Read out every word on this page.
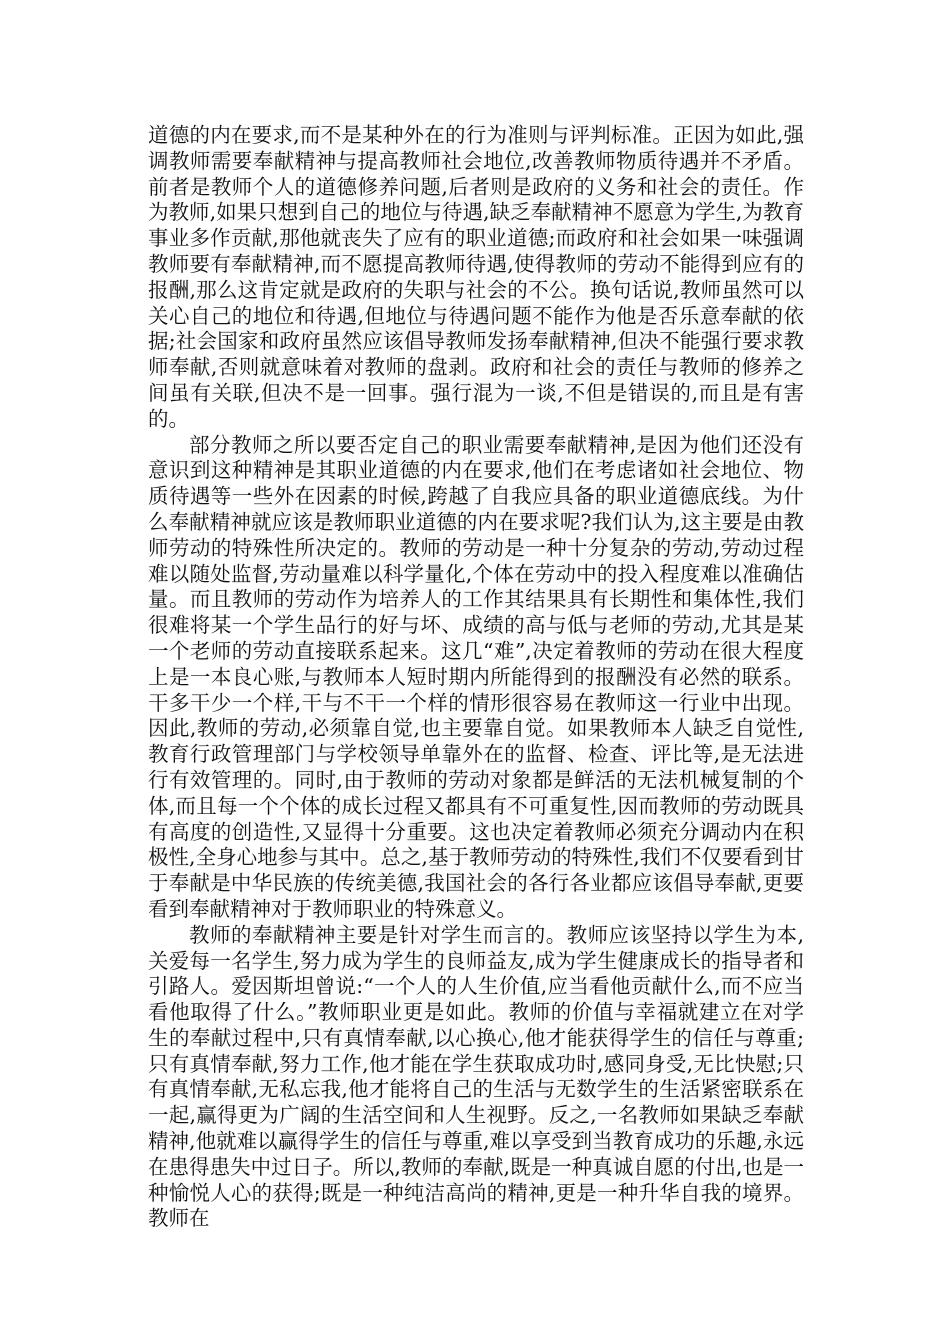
道德的内在要求,而不是某种外在的行为准则与评判标准。正因为如此,强调教师需要奉献精神与提高教师社会地位,改善教师物质待遇并不矛盾。前者是教师个人的道德修养问题,后者则是政府的义务和社会的责任。作为教师,如果只想到自己的地位与待遇,缺乏奉献精神不愿意为学生,为教育事业多作贡献,那他就丧失了应有的职业道德;而政府和社会如果一味强调教师要有奉献精神,而不愿提高教师待遇,使得教师的劳动不能得到应有的报酬,那么这肯定就是政府的失职与社会的不公。换句话说,教师虽然可以关心自己的地位和待遇,但地位与待遇问题不能作为他是否乐意奉献的依据;社会国家和政府虽然应该倡导教师发扬奉献精神,但决不能强行要求教师奉献,否则就意味着对教师的盘剥。政府和社会的责任与教师的修养之间虽有关联,但决不是一回事。强行混为一谈,不但是错误的,而且是有害的。

部分教师之所以要否定自己的职业需要奉献精神,是因为他们还没有意识到这种精神是其职业道德的内在要求,他们在考虑诸如社会地位、物质待遇等一些外在因素的时候,跨越了自我应具备的职业道德底线。为什么奉献精神就应该是教师职业道德的内在要求呢?我们认为,这主要是由教师劳动的特殊性所决定的。教师的劳动是一种十分复杂的劳动,劳动过程难以随处监督,劳动量难以科学量化,个体在劳动中的投入程度难以准确估量。而且教师的劳动作为培养人的工作其结果具有长期性和集体性,我们很难将某一个学生品行的好与坏、成绩的高与低与老师的劳动,尤其是某一个老师的劳动直接联系起来。这几“难”,决定着教师的劳动在很大程度上是一本良心账,与教师本人短时期内所能得到的报酬没有必然的联系。干多干少一个样,干与不干一个样的情形很容易在教师这一行业中出现。因此,教师的劳动,必须靠自觉,也主要靠自觉。如果教师本人缺乏自觉性,教育行政管理部门与学校领导单靠外在的监督、检查、评比等,是无法进行有效管理的。同时,由于教师的劳动对象都是鲜活的无法机械复制的个体,而且每一个个体的成长过程又都具有不可重复性,因而教师的劳动既具有高度的创造性,又显得十分重要。这也决定着教师必须充分调动内在积极性,全身心地参与其中。总之,基于教师劳动的特殊性,我们不仅要看到甘于奉献是中华民族的传统美德,我国社会的各行各业都应该倡导奉献,更要看到奉献精神对于教师职业的特殊意义。

教师的奉献精神主要是针对学生而言的。教师应该坚持以学生为本,关爱每一名学生,努力成为学生的良师益友,成为学生健康成长的指导者和引路人。爱因斯坦曾说:“一个人的人生价值,应当看他贡献什么,而不应当看他取得了什么。”教师职业更是如此。教师的价值与幸福就建立在对学生的奉献过程中,只有真情奉献,以心换心,他才能获得学生的信任与尊重;只有真情奉献,努力工作,他才能在学生获取成功时,感同身受,无比快慰;只有真情奉献,无私忘我,他才能将自己的生活与无数学生的生活紧密联系在一起,赢得更为广阔的生活空间和人生视野。反之,一名教师如果缺乏奉献精神,他就难以赢得学生的信任与尊重,难以享受到当教育成功的乐趣,永远在患得患失中过日子。所以,教师的奉献,既是一种真诚自愿的付出,也是一种愉悦人心的获得;既是一种纯洁高尚的精神,更是一种升华自我的境界。教师在
